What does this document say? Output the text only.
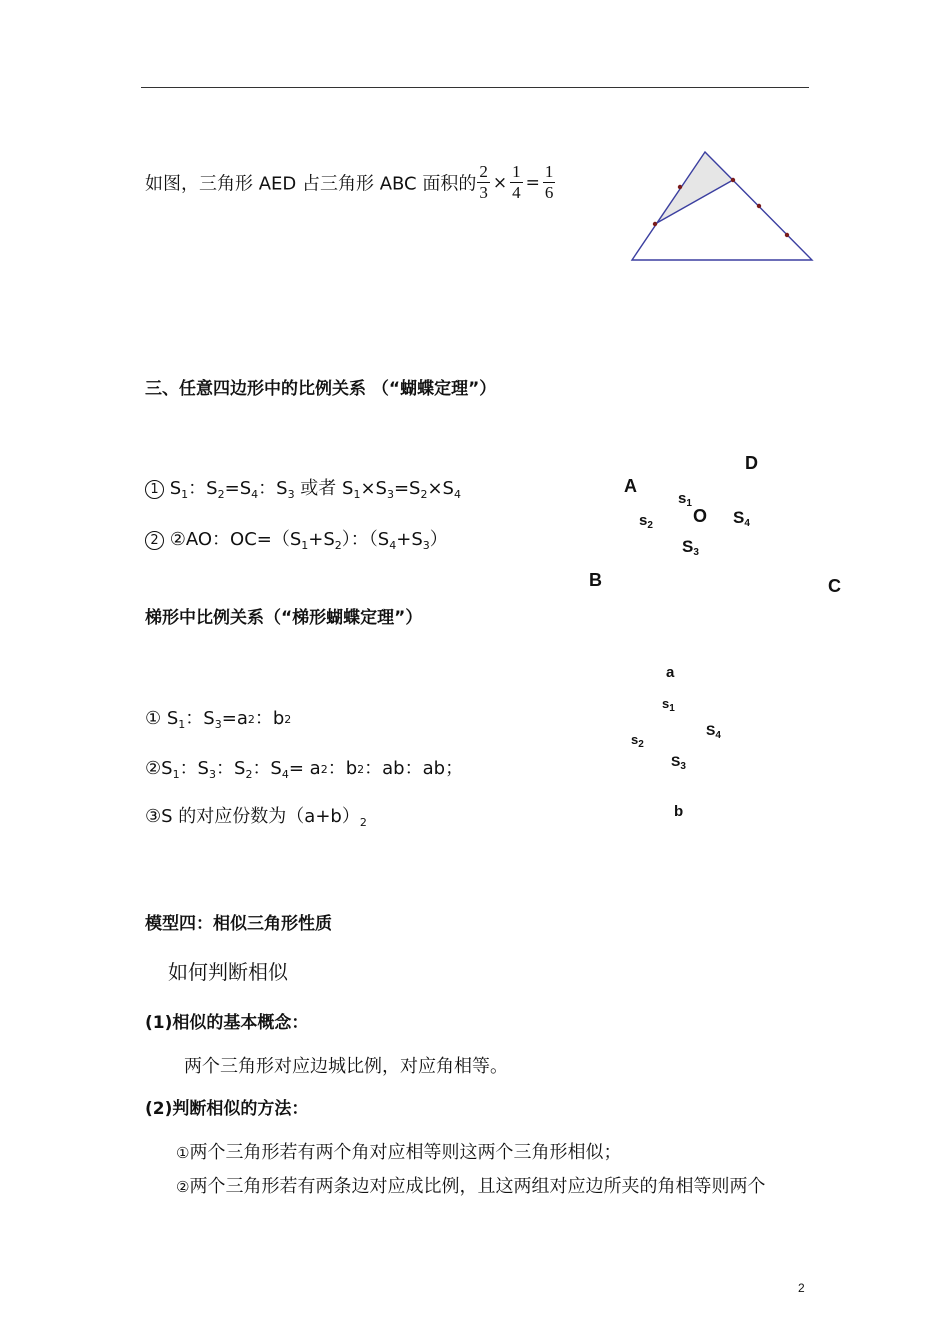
如图，三角形 AED 占三角形 ABC 面积的 $\frac{2}{3} \times \frac{1}{4} = \frac{1}{6}$
三、任意四边形中的比例关系 （“蝴蝶定理”）
1 $S_1$：$S_2=S_4$：$S_3$ 或者 $S_1\times S_3=S_2\times S_4$
2 ②AO：$OC=(S_1+S_2)$：$(S_4+S_3)$
D
A
$s_1$
O $S_4$
$s_2$
$S_3$
B	C
梯形中比例关系（“梯形蝴蝶定理”）
① $S_1$：$S_3=a^2$：$b^2$
$②S_1$：$S_3$：$S_2$：$S_4= a^2$：$b^2$：ab：ab；
③S 的对应份数为$(a+b)^2$
a
$s_1$
$S_4$
$s_2$
$S_3$
b
模型四：相似三角形性质
如何判断相似
(1)相似的基本概念：
两个三角形对应边城比例，对应角相等。
(2)判断相似的方法：
①两个三角形若有两个角对应相等则这两个三角形相似；
②两个三角形若有两条边对应成比例，且这两组对应边所夹的角相等则两个
2
